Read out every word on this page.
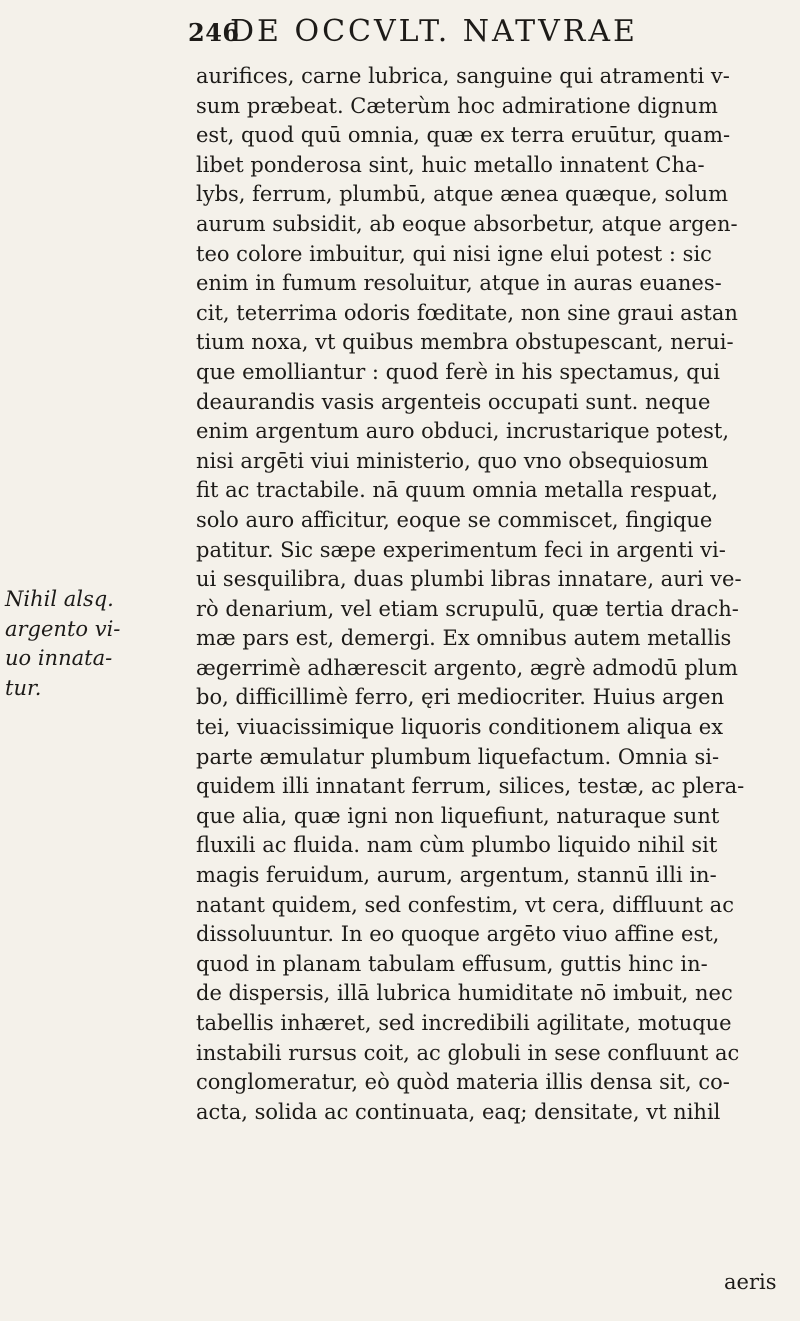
246
DE OCCVLT. NATVRAE
Nihil alsq.
argento vi-
uo innata-
tur.
aurifices, carne lubrica, sanguine qui atramenti v-
sum præbeat. Cæterùm hoc admiratione dignum
est, quod quū omnia, quæ ex terra eruūtur, quam-
libet ponderosa sint, huic metallo innatent Cha-
lybs, ferrum, plumbū, atque ænea quæque, solum
aurum subsidit, ab eoque absorbetur, atque argen-
teo colore imbuitur, qui nisi igne elui potest : sic
enim in fumum resoluitur, atque in auras euanes-
cit, teterrima odoris fœditate, non sine graui astan
tium noxa, vt quibus membra obstupescant, nerui-
que emolliantur : quod ferè in his spectamus, qui
deaurandis vasis argenteis occupati sunt. neque
enim argentum auro obduci, incrustarique potest,
nisi argēti viui ministerio, quo vno obsequiosum
fit ac tractabile. nā quum omnia metalla respuat,
solo auro afficitur, eoque se commiscet, fingique
patitur. Sic sæpe experimentum feci in argenti vi-
ui sesquilibra, duas plumbi libras innatare, auri ve-
rò denarium, vel etiam scrupulū, quæ tertia drach-
mæ pars est, demergi. Ex omnibus autem metallis
ægerrimè adhærescit argento, ægrè admodū plum
bo, difficillimè ferro, ęri mediocriter. Huius argen
tei, viuacissimique liquoris conditionem aliqua ex
parte æmulatur plumbum liquefactum. Omnia si-
quidem illi innatant ferrum, silices, testæ, ac plera-
que alia, quæ igni non liquefiunt, naturaque sunt
fluxili ac fluida. nam cùm plumbo liquido nihil sit
magis feruidum, aurum, argentum, stannū illi in-
natant quidem, sed confestim, vt cera, diffluunt ac
dissoluuntur. In eo quoque argēto viuo affine est,
quod in planam tabulam effusum, guttis hinc in-
de dispersis, illā lubrica humiditate nō imbuit, nec
tabellis inhæret, sed incredibili agilitate, motuque
instabili rursus coit, ac globuli in sese confluunt ac
conglomeratur, eò quòd materia illis densa sit, co-
acta, solida ac continuata, eaq; densitate, vt nihil
aeris
